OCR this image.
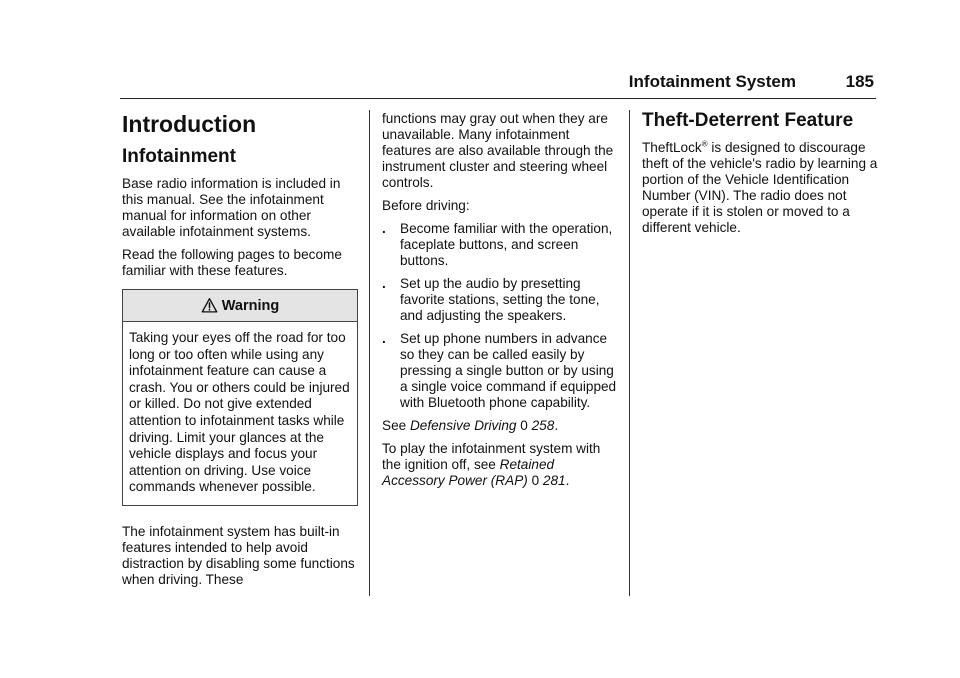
Infotainment System	185
Introduction
Infotainment

Base radio information is included in this manual. See the infotainment manual for information on other available infotainment systems.

Read the following pages to become familiar with these features.

Warning
Taking your eyes off the road for too long or too often while using any infotainment feature can cause a crash. You or others could be injured or killed. Do not give extended attention to infotainment tasks while driving. Limit your glances at the vehicle displays and focus your attention on driving. Use voice commands whenever possible.

The infotainment system has built-in features intended to help avoid distraction by disabling some functions when driving. These

functions may gray out when they are unavailable. Many infotainment features are also available through the instrument cluster and steering wheel controls.

Before driving:

.	Become familiar with the operation, faceplate buttons, and screen buttons.
.	Set up the audio by presetting favorite stations, setting the tone, and adjusting the speakers.
.	Set up phone numbers in advance so they can be called easily by pressing a single button or by using a single voice command if equipped with Bluetooth phone capability.

See Defensive Driving 0 258.

To play the infotainment system with the ignition off, see Retained Accessory Power (RAP) 0 281.

Theft-Deterrent Feature

TheftLock® is designed to discourage theft of the vehicle's radio by learning a portion of the Vehicle Identification Number (VIN). The radio does not operate if it is stolen or moved to a different vehicle.
